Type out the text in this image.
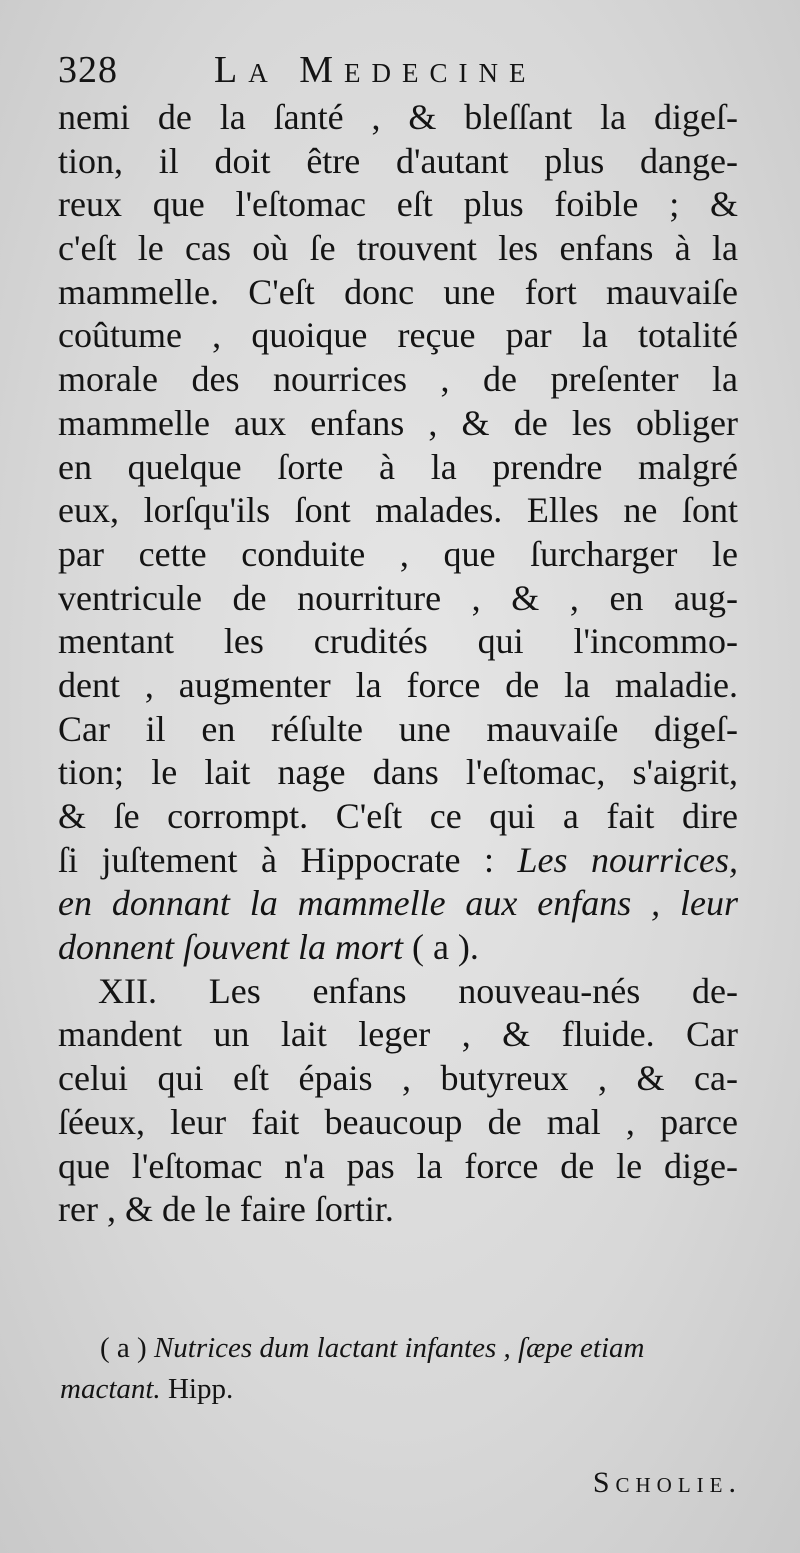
328	La Medecine
nemi de la ſanté , & bleſſant la digeſ-
tion, il doit être d'autant plus dange-
reux que l'eſtomac eſt plus foible ; &
c'eſt le cas où ſe trouvent les enfans à la
mammelle. C'eſt donc une fort mauvaiſe
coûtume , quoique reçue par la totalité
morale des nourrices , de preſenter la
mammelle aux enfans , & de les obliger
en quelque ſorte à la prendre malgré
eux, lorſqu'ils ſont malades. Elles ne ſont
par cette conduite , que ſurcharger le
ventricule de nourriture , & , en aug-
mentant les crudités qui l'incommo-
dent , augmenter la force de la maladie.
Car il en réſulte une mauvaiſe digeſ-
tion; le lait nage dans l'eſtomac, s'aigrit,
& ſe corrompt. C'eſt ce qui a fait dire
ſi juſtement à Hippocrate : Les nourrices,
en donnant la mammelle aux enfans , leur
donnent ſouvent la mort ( a ).
XII. Les enfans nouveau-nés de-
mandent un lait leger , & fluide. Car
celui qui eſt épais , butyreux , & ca-
ſéeux, leur fait beaucoup de mal , parce
que l'eſtomac n'a pas la force de le dige-
rer , & de le faire ſortir.
( a ) Nutrices dum lactant infantes , ſæpe etiam
mactant. Hipp.
Scholie.
